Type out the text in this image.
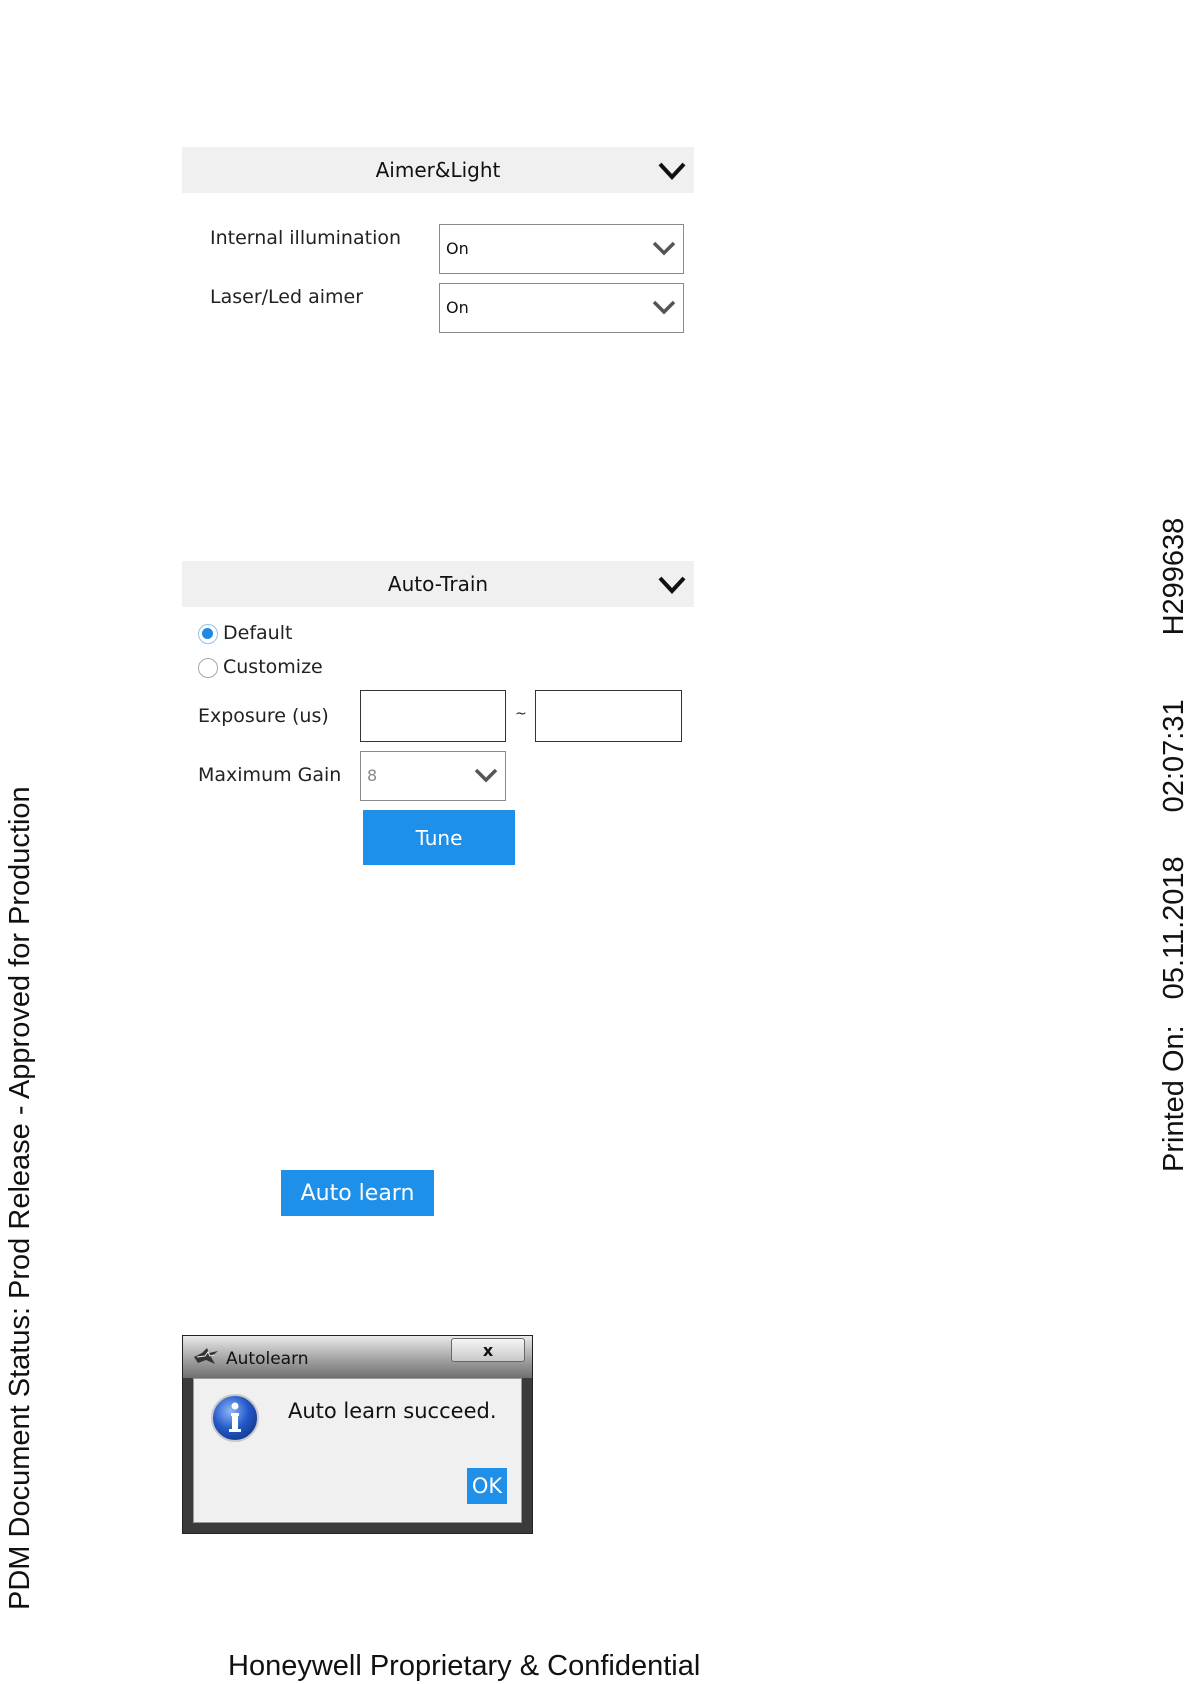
Aimer&Light
Internal illumination	On
Laser/Led aimer	On
Auto-Train
Default
Customize
Exposure (us)	~
Maximum Gain 8
Tune
Auto learn
Autolearn	x
Auto learn succeed.
OK
PDM Document Status: Prod Release - Approved for Production	Printed On:
05.11.2018
02:07:31
H299638
Honeywell Proprietary & Confidential
